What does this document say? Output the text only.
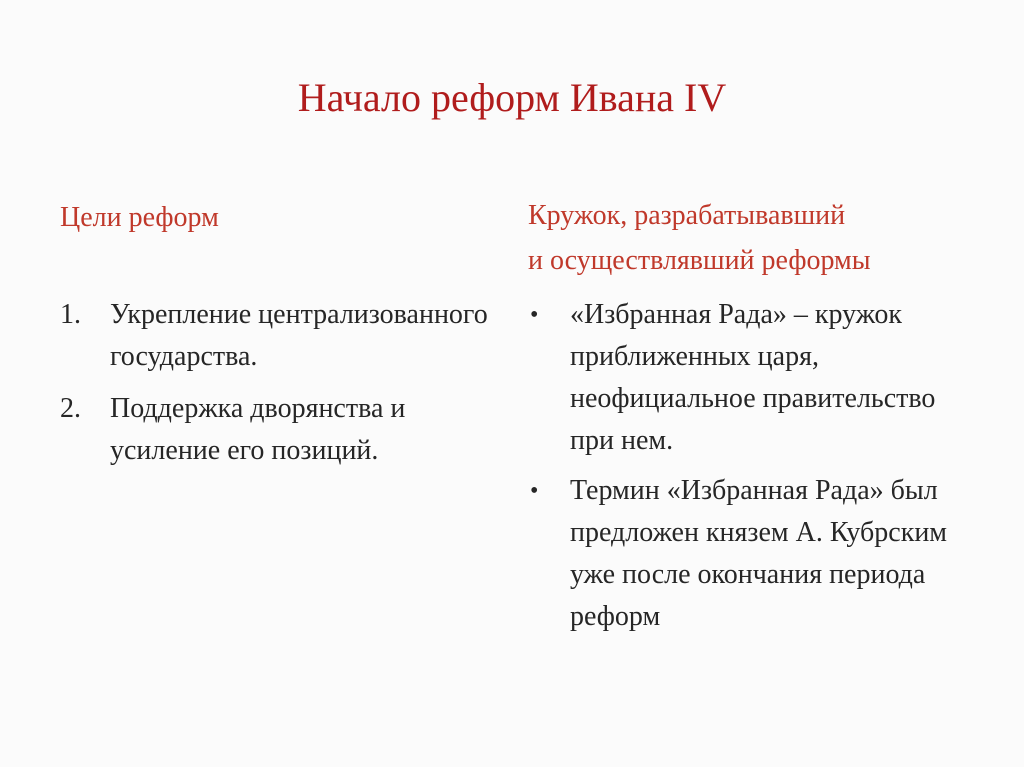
Начало реформ Ивана IV
Цели реформ
1. Укрепление централизованного государства.
2. Поддержка дворянства и усиление его позиций.
Кружок, разрабатывавший
и осуществлявший реформы
• «Избранная Рада» – кружок приближенных царя, неофициальное правительство при нем.
• Термин «Избранная Рада» был предложен князем А. Кубрским уже после окончания периода реформ
